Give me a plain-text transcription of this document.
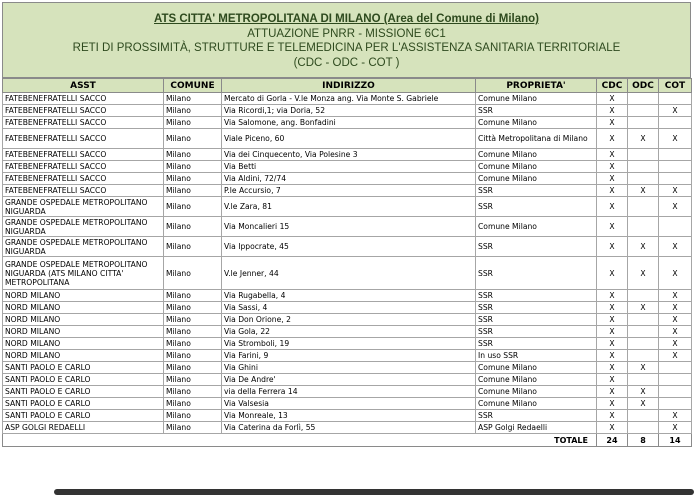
ATS CITTA' METROPOLITANA DI MILANO (Area del Comune di Milano)
ATTUAZIONE PNRR - MISSIONE 6C1
RETI DI PROSSIMITÀ, STRUTTURE E TELEMEDICINA PER L'ASSISTENZA SANITARIA TERRITORIALE
(CDC - ODC - COT )
ASST	COMUNE	INDIRIZZO	PROPRIETA'	CDC	ODC	COT
FATEBENEFRATELLI SACCO	Milano	Mercato di Gorla - V.le Monza ang. Via Monte S. Gabriele	Comune Milano	X		
FATEBENEFRATELLI SACCO	Milano	Via Ricordi,1; via Doria, 52	SSR	X		X
FATEBENEFRATELLI SACCO	Milano	Via Salomone, ang. Bonfadini	Comune Milano	X		
FATEBENEFRATELLI SACCO	Milano	Viale Piceno, 60	Città Metropolitana di Milano	X	X	X
FATEBENEFRATELLI SACCO	Milano	Via dei Cinquecento, Via Polesine 3	Comune Milano	X		
FATEBENEFRATELLI SACCO	Milano	Via Betti	Comune Milano	X		
FATEBENEFRATELLI SACCO	Milano	Via Aldini, 72/74	Comune Milano	X		
FATEBENEFRATELLI SACCO	Milano	P.le Accursio, 7	SSR	X	X	X
GRANDE OSPEDALE METROPOLITANO NIGUARDA	Milano	V.le Zara, 81	SSR	X		X
GRANDE OSPEDALE METROPOLITANO NIGUARDA	Milano	Via Moncalieri 15	Comune Milano	X		
GRANDE OSPEDALE METROPOLITANO NIGUARDA	Milano	Via Ippocrate, 45	SSR	X	X	X
GRANDE OSPEDALE METROPOLITANO NIGUARDA (ATS MILANO CITTA' METROPOLITANA	Milano	V.le Jenner, 44	SSR	X	X	X
NORD MILANO	Milano	Via Rugabella, 4	SSR	X		X
NORD MILANO	Milano	Via Sassi, 4	SSR	X	X	X
NORD MILANO	Milano	Via Don Orione, 2	SSR	X		X
NORD MILANO	Milano	Via Gola, 22	SSR	X		X
NORD MILANO	Milano	Via Stromboli, 19	SSR	X		X
NORD MILANO	Milano	Via Farini, 9	In uso SSR	X		X
SANTI PAOLO E CARLO	Milano	Via Ghini	Comune Milano	X	X	
SANTI PAOLO E CARLO	Milano	Via De Andre'	Comune Milano	X		
SANTI PAOLO E CARLO	Milano	via della Ferrera 14	Comune Milano	X	X	
SANTI PAOLO E CARLO	Milano	Via Valsesia	Comune Milano	X	X	
SANTI PAOLO E CARLO	Milano	Via Monreale, 13	SSR	X		X
ASP GOLGI REDAELLI	Milano	Via Caterina da Forlì, 55	ASP Golgi Redaelli	X		X
TOTALE				24	8	14
